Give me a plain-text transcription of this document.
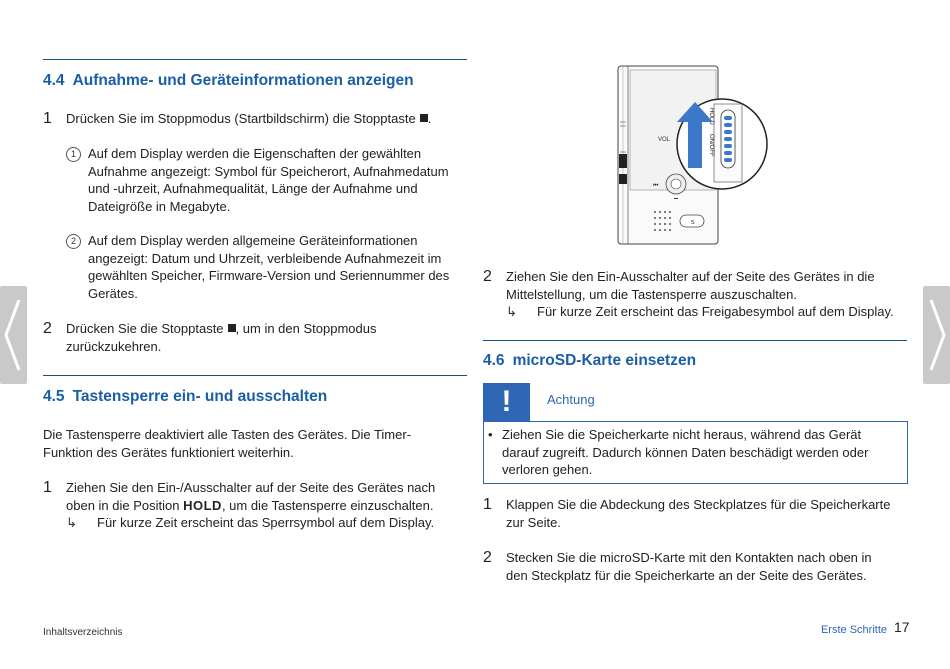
4.4 Aufnahme- und Geräteinformationen anzeigen
1 Drücken Sie im Stoppmodus (Startbildschirm) die Stopptaste .
1 Auf dem Display werden die Eigenschaften der gewählten
Aufnahme angezeigt: Symbol für Speicherort, Aufnahmedatum
und -uhrzeit, Aufnahmequalität, Länge der Aufnahme und
Dateigröße in Megabyte.
2 Auf dem Display werden allgemeine Geräteinformationen
angezeigt: Datum und Uhrzeit, verbleibende Aufnahmezeit im
gewählten Speicher, Firmware-Version und Seriennummer des
Gerätes.
2 Drücken Sie die Stopptaste , um in den Stoppmodus
zurückzukehren.
4.5 Tastensperre ein- und ausschalten
Die Tastensperre deaktiviert alle Tasten des Gerätes. Die Timer-
Funktion des Gerätes funktioniert weiterhin.
1 Ziehen Sie den Ein-/Ausschalter auf der Seite des Gerätes nach
oben in die Position HOLD, um die Tastensperre einzuschalten.
↳ Für kurze Zeit erscheint das Sperrsymbol auf dem Display.
VOL
⏮
s
HOLD
ON/OFF
2 Ziehen Sie den Ein-Ausschalter auf der Seite des Gerätes in die
Mittelstellung, um die Tastensperre auszuschalten.
↳ Für kurze Zeit erscheint das Freigabesymbol auf dem Display.
4.6 microSD-Karte einsetzen
!	Achtung
• Ziehen Sie die Speicherkarte nicht heraus, während das Gerät
darauf zugreift. Dadurch können Daten beschädigt werden oder
verloren gehen.
1 Klappen Sie die Abdeckung des Steckplatzes für die Speicherkarte
zur Seite.
2 Stecken Sie die microSD-Karte mit den Kontakten nach oben in
den Steckplatz für die Speicherkarte an der Seite des Gerätes.
Inhaltsverzeichnis	Erste Schritte 17
